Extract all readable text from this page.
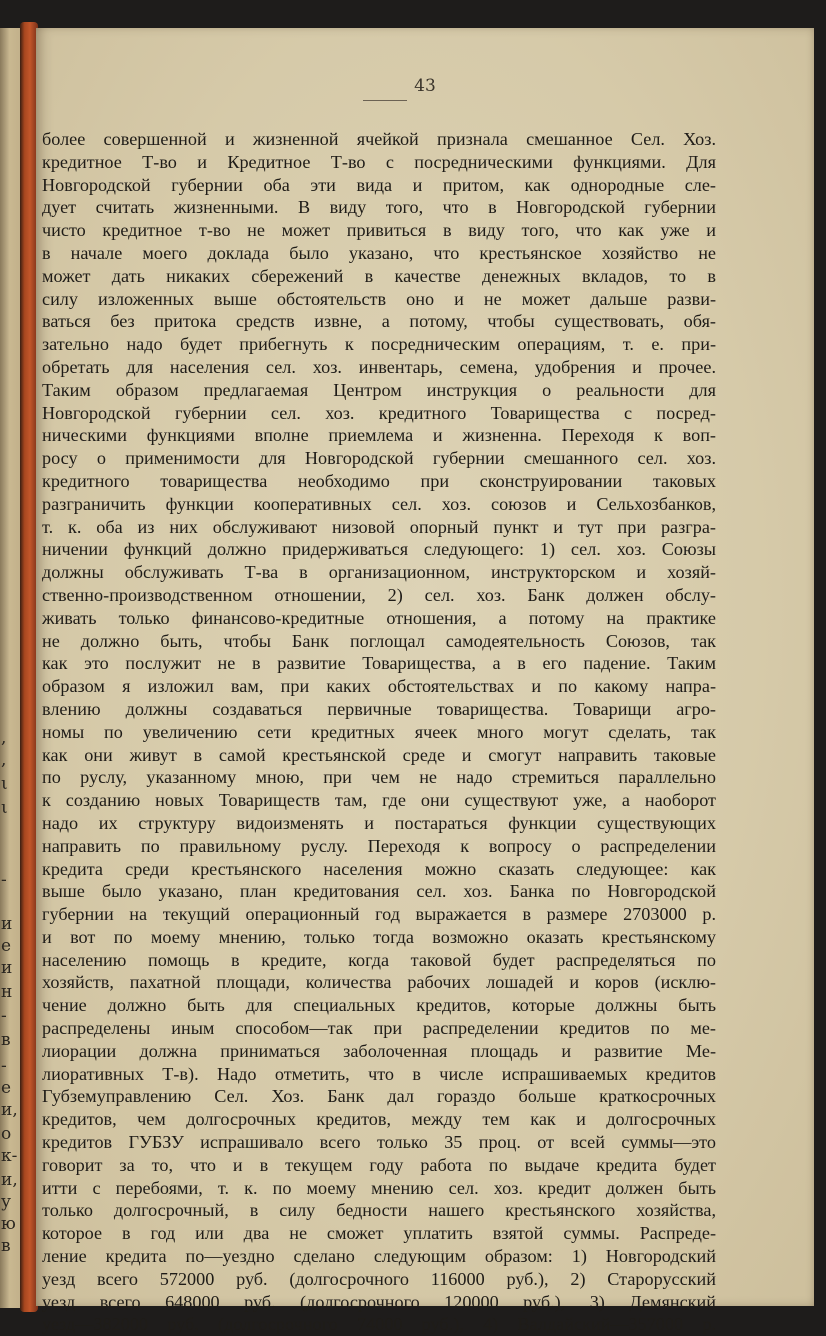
,
,
ι
ι
-
и
е
и
н
-
в
-
е
и,
о
к-
и,
у
ю
в
43
более совершенной и жизненной ячейкой признала смешанное Сел. Хоз.
кредитное Т-во и Кредитное Т-во с посредническими функциями. Для
Новгородской губернии оба эти вида и притом, как однородные сле-
дует считать жизненными. В виду того, что в Новгородской губернии
чисто кредитное т-во не может привиться в виду того, что как уже и
в начале моего доклада было указано, что крестьянское хозяйство не
может дать никаких сбережений в качестве денежных вкладов, то в
силу изложенных выше обстоятельств оно и не может дальше разви-
ваться без притока средств извне, а потому, чтобы существовать, обя-
зательно надо будет прибегнуть к посредническим операциям, т. е. при-
обретать для населения сел. хоз. инвентарь, семена, удобрения и прочее.
Таким образом предлагаемая Центром инструкция о реальности для
Новгородской губернии сел. хоз. кредитного Товарищества с посред-
ническими функциями вполне приемлема и жизненна. Переходя к воп-
росу о применимости для Новгородской губернии смешанного сел. хоз.
кредитного товарищества необходимо при сконструировании таковых
разграничить функции кооперативных сел. хоз. союзов и Сельхозбанков,
т. к. оба из них обслуживают низовой опорный пункт и тут при разгра-
ничении функций должно придерживаться следующего: 1) сел. хоз. Союзы
должны обслуживать Т-ва в организационном, инструкторском и хозяй-
ственно-производственном отношении, 2) сел. хоз. Банк должен обслу-
живать только финансово-кредитные отношения, а потому на практике
не должно быть, чтобы Банк поглощал самодеятельность Союзов, так
как это послужит не в развитие Товарищества, а в его падение. Таким
образом я изложил вам, при каких обстоятельствах и по какому напра-
влению должны создаваться первичные товарищества. Товарищи агро-
номы по увеличению сети кредитных ячеек много могут сделать, так
как они живут в самой крестьянской среде и смогут направить таковые
по руслу, указанному мною, при чем не надо стремиться параллельно
к созданию новых Товариществ там, где они существуют уже, а наоборот
надо их структуру видоизменять и постараться функции существующих
направить по правильному руслу. Переходя к вопросу о распределении
кредита среди крестьянского населения можно сказать следующее: как
выше было указано, план кредитования сел. хоз. Банка по Новгородской
губернии на текущий операционный год выражается в размере 2703000 р.
и вот по моему мнению, только тогда возможно оказать крестьянскому
населению помощь в кредите, когда таковой будет распределяться по
хозяйств, пахатной площади, количества рабочих лошадей и коров (исклю-
чение должно быть для специальных кредитов, которые должны быть
распределены иным способом—так при распределении кредитов по ме-
лиорации должна приниматься заболоченная площадь и развитие Ме-
лиоративных Т-в). Надо отметить, что в числе испрашиваемых кредитов
Губземуправлению Сел. Хоз. Банк дал гораздо больше краткосрочных
кредитов, чем долгосрочных кредитов, между тем как и долгосрочных
кредитов ГУБЗУ испрашивало всего только 35 проц. от всей суммы—это
говорит за то, что и в текущем году работа по выдаче кредита будет
итти с перебоями, т. к. по моему мнению сел. хоз. кредит должен быть
только долгосрочный, в силу бедности нашего крестьянского хозяйства,
которое в год или два не сможет уплатить взятой суммы. Распреде-
ление кредита по—уездно сделано следующим образом: 1) Новгородский
уезд всего 572000 руб. (долгосрочного 116000 руб.), 2) Старорусский
уезд всего 648000 руб. (долгосрочного 120000 руб.), 3) Демянский
уезд—382000 руб. (долгосрочного 74000 руб.), 4) Валдайский—357000 р.
